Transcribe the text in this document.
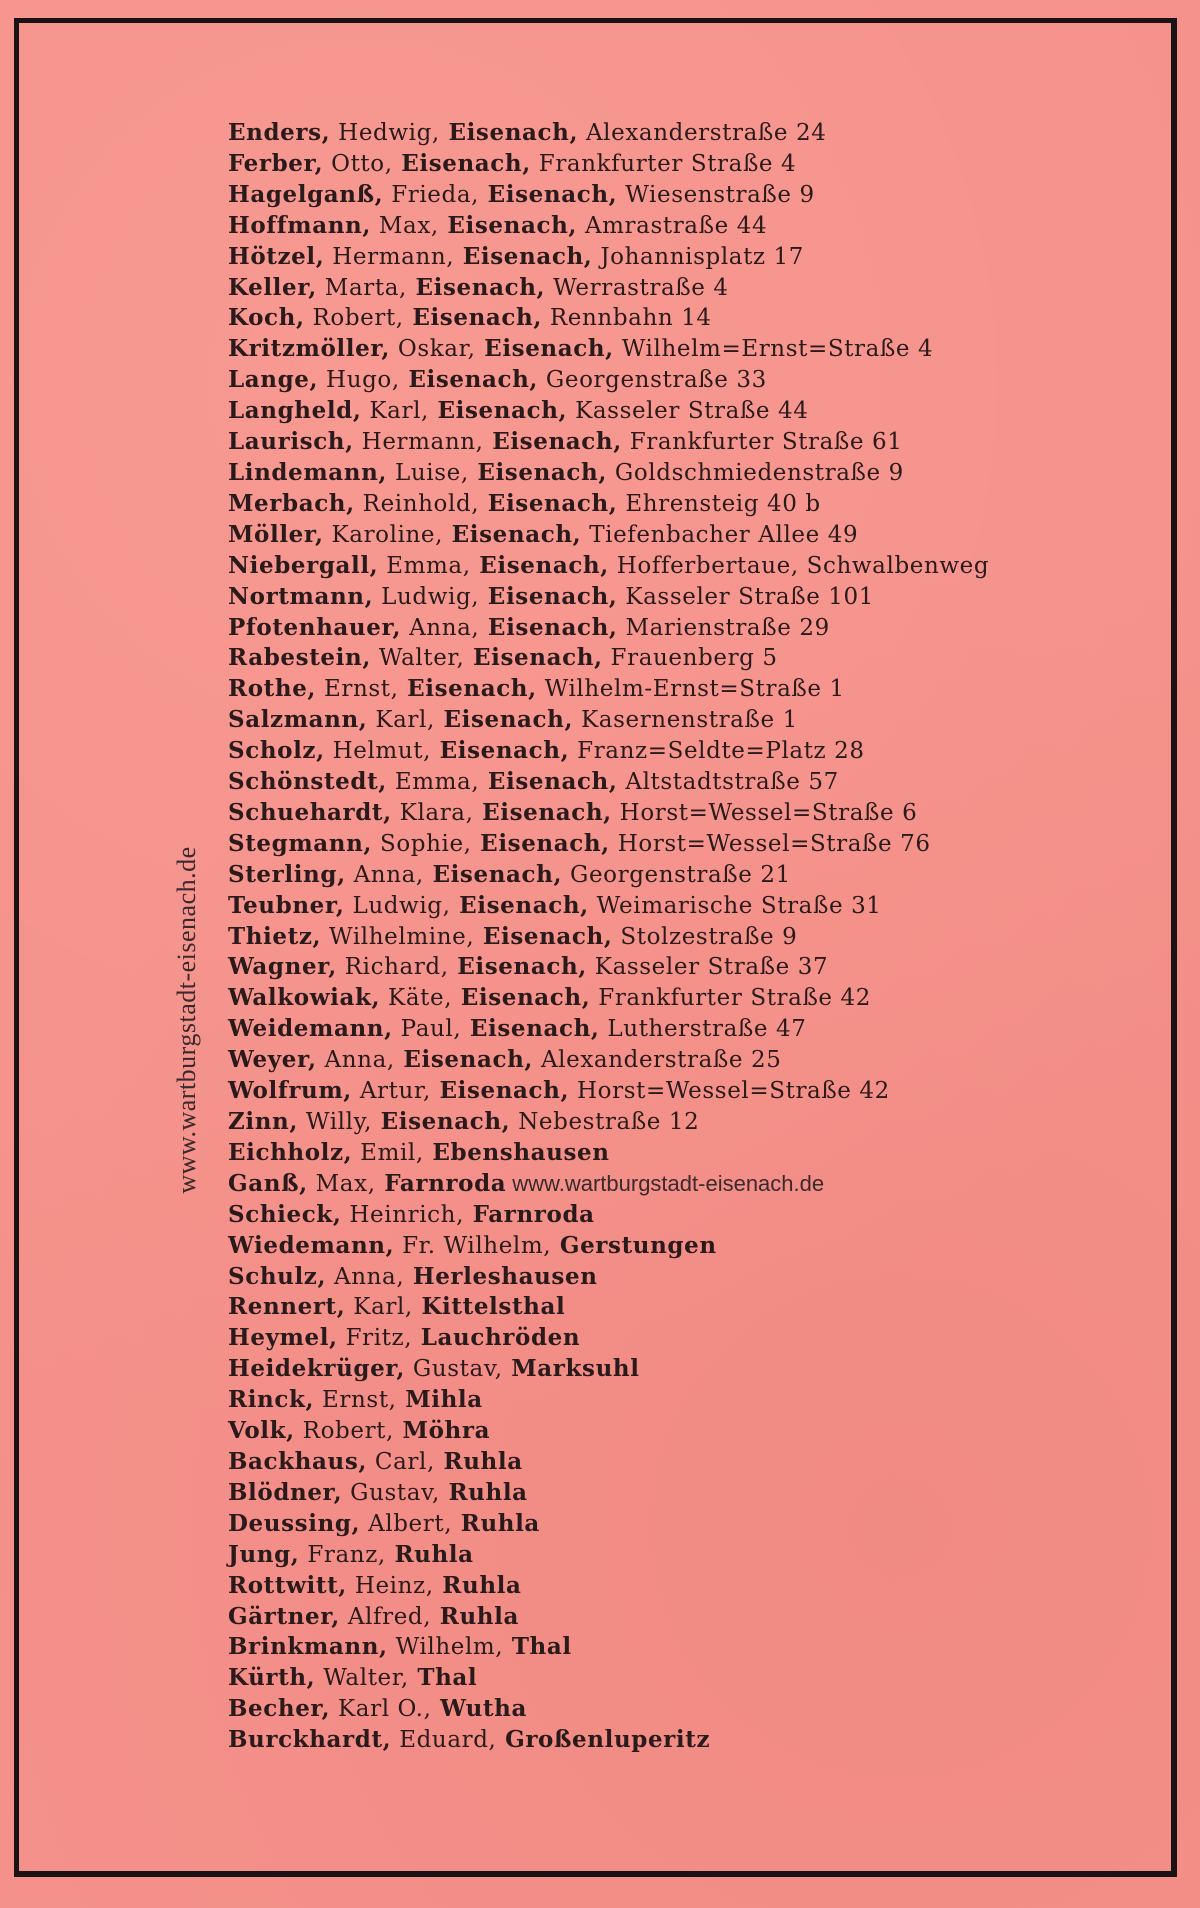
www.wartburgstadt-eisenach.de
Enders, Hedwig, Eisenach, Alexanderstraße 24
Ferber, Otto, Eisenach, Frankfurter Straße 4
Hagelganß, Frieda, Eisenach, Wiesenstraße 9
Hoffmann, Max, Eisenach, Amrastraße 44
Hötzel, Hermann, Eisenach, Johannisplatz 17
Keller, Marta, Eisenach, Werrastraße 4
Koch, Robert, Eisenach, Rennbahn 14
Kritzmöller, Oskar, Eisenach, Wilhelm=Ernst=Straße 4
Lange, Hugo, Eisenach, Georgenstraße 33
Langheld, Karl, Eisenach, Kasseler Straße 44
Laurisch, Hermann, Eisenach, Frankfurter Straße 61
Lindemann, Luise, Eisenach, Goldschmiedenstraße 9
Merbach, Reinhold, Eisenach, Ehrensteig 40 b
Möller, Karoline, Eisenach, Tiefenbacher Allee 49
Niebergall, Emma, Eisenach, Hofferbertaue, Schwalbenweg
Nortmann, Ludwig, Eisenach, Kasseler Straße 101
Pfotenhauer, Anna, Eisenach, Marienstraße 29
Rabestein, Walter, Eisenach, Frauenberg 5
Rothe, Ernst, Eisenach, Wilhelm-Ernst=Straße 1
Salzmann, Karl, Eisenach, Kasernenstraße 1
Scholz, Helmut, Eisenach, Franz=Seldte=Platz 28
Schönstedt, Emma, Eisenach, Altstadtstraße 57
Schuehardt, Klara, Eisenach, Horst=Wessel=Straße 6
Stegmann, Sophie, Eisenach, Horst=Wessel=Straße 76
Sterling, Anna, Eisenach, Georgenstraße 21
Teubner, Ludwig, Eisenach, Weimarische Straße 31
Thietz, Wilhelmine, Eisenach, Stolzestraße 9
Wagner, Richard, Eisenach, Kasseler Straße 37
Walkowiak, Käte, Eisenach, Frankfurter Straße 42
Weidemann, Paul, Eisenach, Lutherstraße 47
Weyer, Anna, Eisenach, Alexanderstraße 25
Wolfrum, Artur, Eisenach, Horst=Wessel=Straße 42
Zinn, Willy, Eisenach, Nebestraße 12
Eichholz, Emil, Ebenshausen
Ganß, Max, Farnroda www.wartburgstadt-eisenach.de
Schieck, Heinrich, Farnroda
Wiedemann, Fr. Wilhelm, Gerstungen
Schulz, Anna, Herleshausen
Rennert, Karl, Kittelsthal
Heymel, Fritz, Lauchröden
Heidekrüger, Gustav, Marksuhl
Rinck, Ernst, Mihla
Volk, Robert, Möhra
Backhaus, Carl, Ruhla
Blödner, Gustav, Ruhla
Deussing, Albert, Ruhla
Jung, Franz, Ruhla
Rottwitt, Heinz, Ruhla
Gärtner, Alfred, Ruhla
Brinkmann, Wilhelm, Thal
Kürth, Walter, Thal
Becher, Karl O., Wutha
Burckhardt, Eduard, Großenluperitz
